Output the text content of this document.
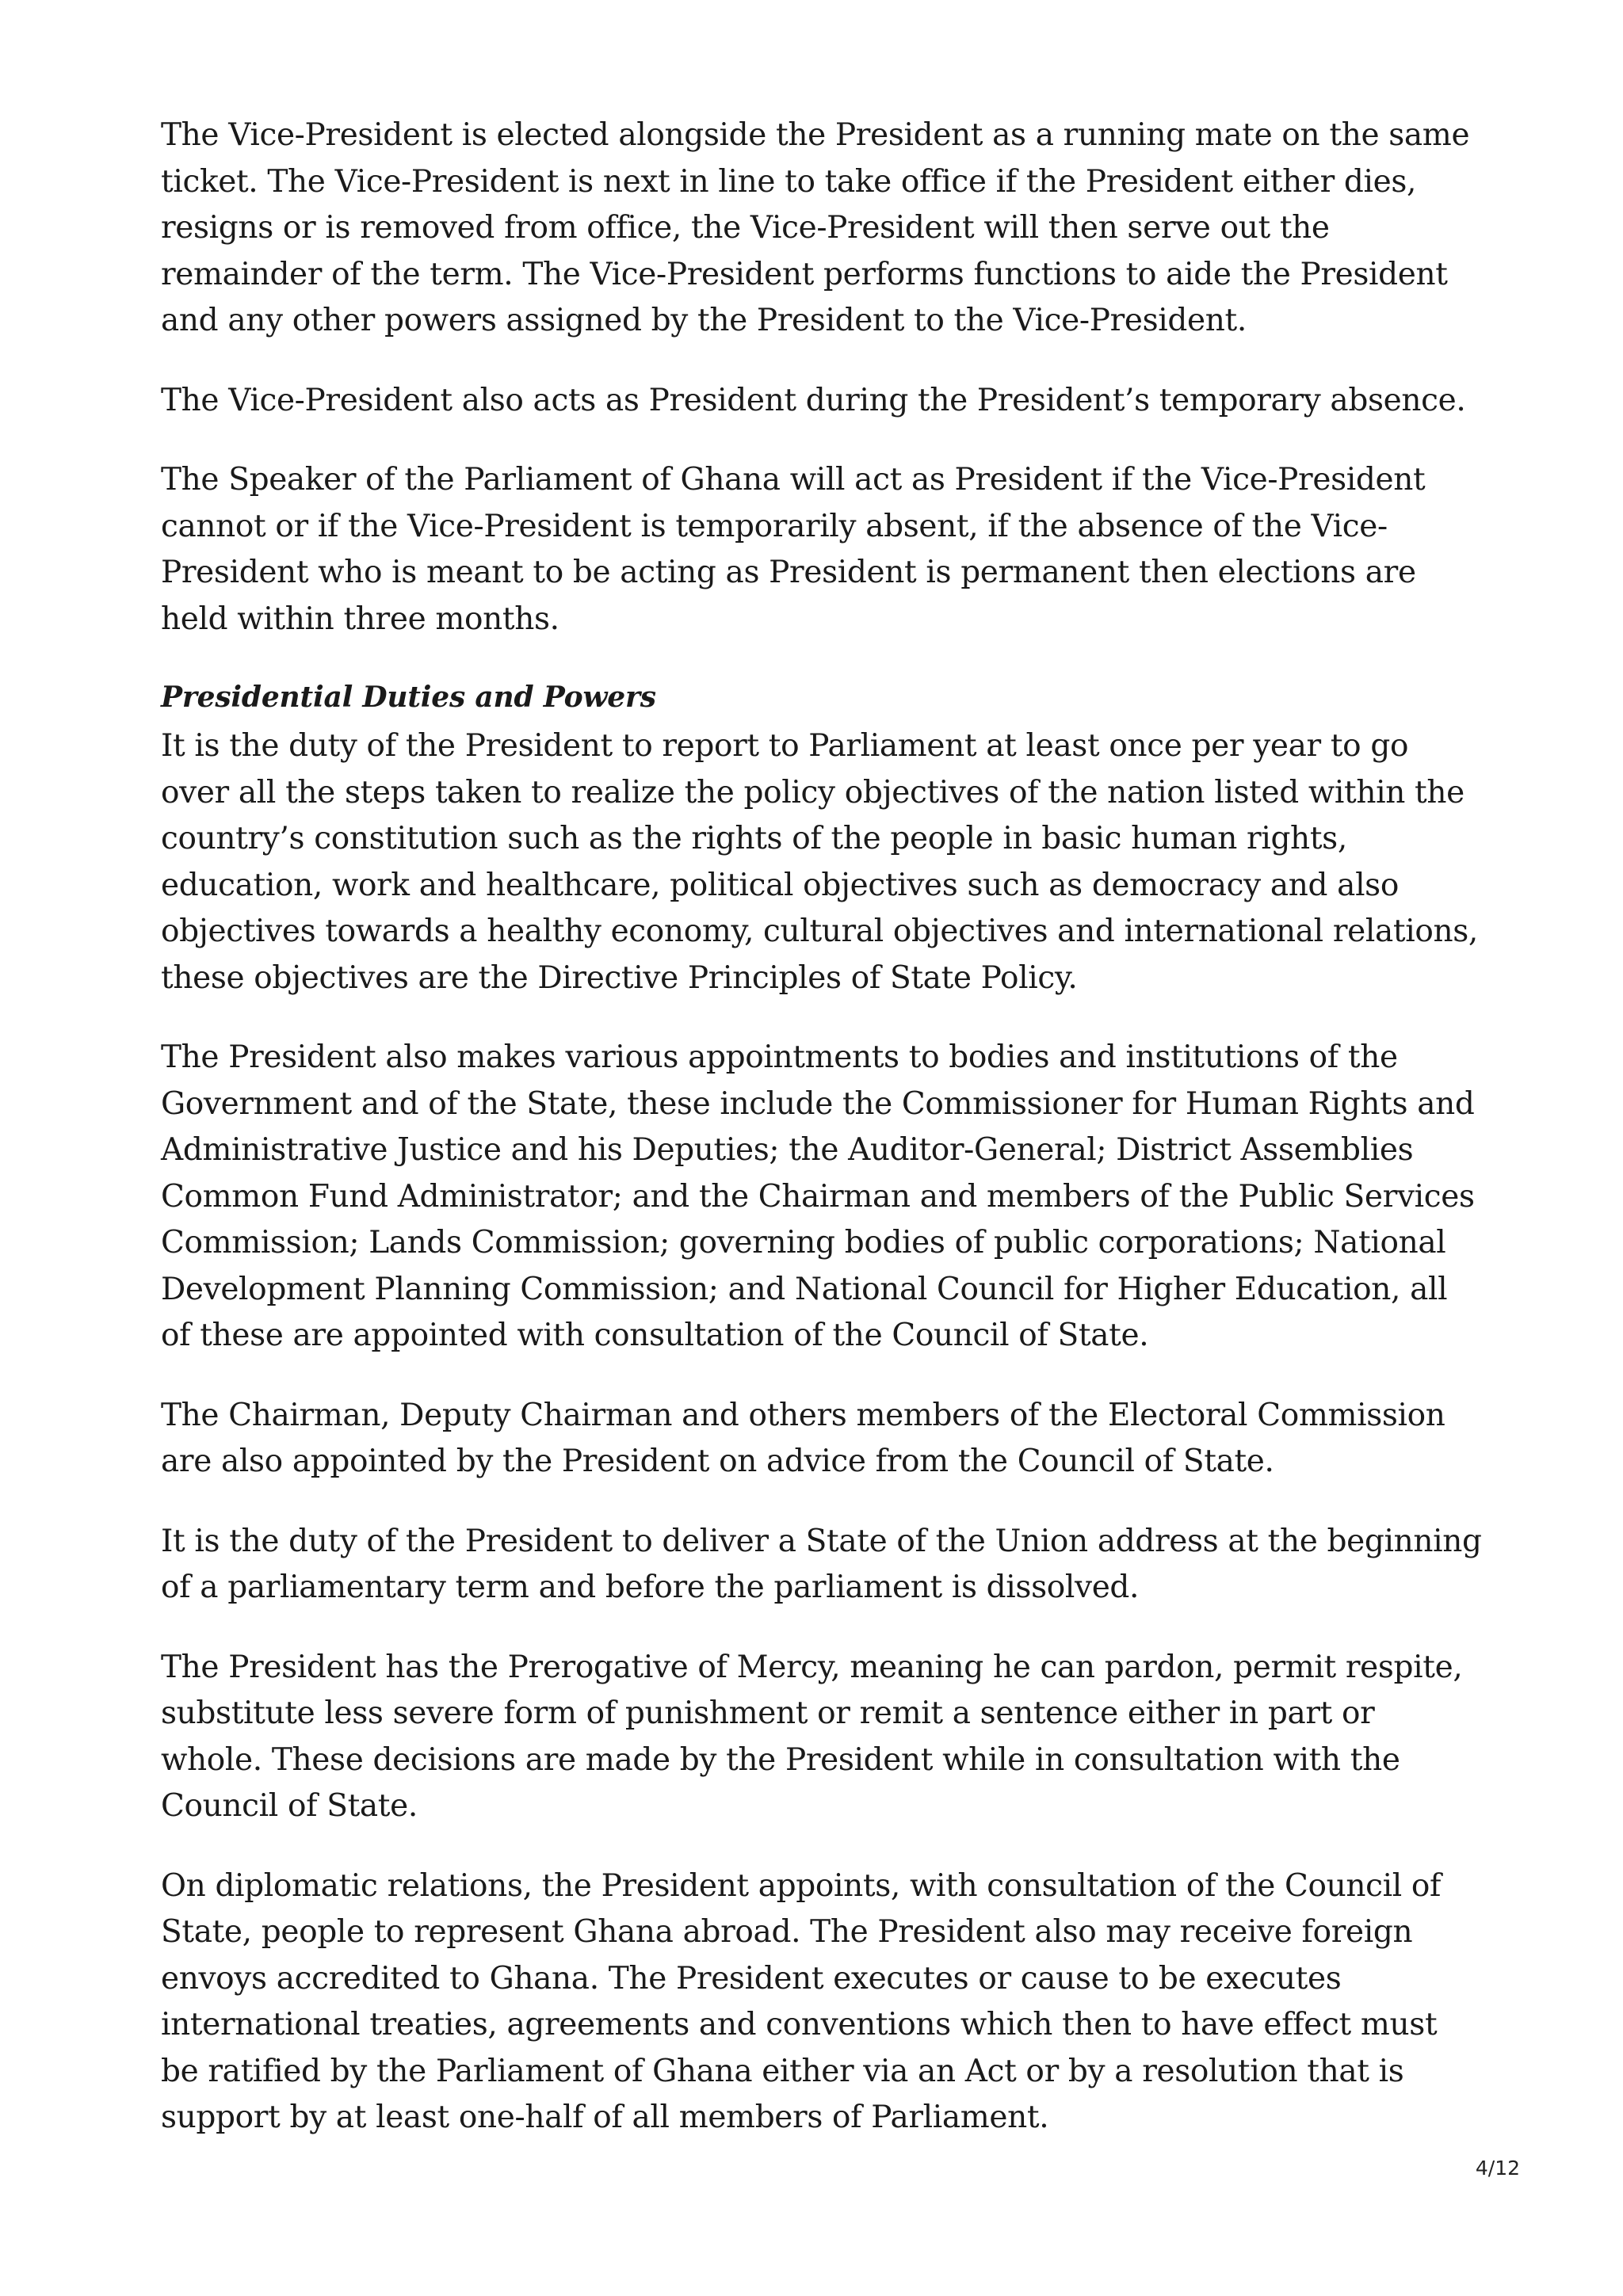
The Vice-President is elected alongside the President as a running mate on the same ticket. The Vice-President is next in line to take office if the President either dies, resigns or is removed from office, the Vice-President will then serve out the remainder of the term. The Vice-President performs functions to aide the President and any other powers assigned by the President to the Vice-President.

The Vice-President also acts as President during the President’s temporary absence.

The Speaker of the Parliament of Ghana will act as President if the Vice-President cannot or if the Vice-President is temporarily absent, if the absence of the Vice-President who is meant to be acting as President is permanent then elections are held within three months.

Presidential Duties and Powers

It is the duty of the President to report to Parliament at least once per year to go over all the steps taken to realize the policy objectives of the nation listed within the country’s constitution such as the rights of the people in basic human rights, education, work and healthcare, political objectives such as democracy and also objectives towards a healthy economy, cultural objectives and international relations, these objectives are the Directive Principles of State Policy.

The President also makes various appointments to bodies and institutions of the Government and of the State, these include the Commissioner for Human Rights and Administrative Justice and his Deputies; the Auditor-General; District Assemblies Common Fund Administrator; and the Chairman and members of the Public Services Commission; Lands Commission; governing bodies of public corporations; National Development Planning Commission; and National Council for Higher Education, all of these are appointed with consultation of the Council of State.

The Chairman, Deputy Chairman and others members of the Electoral Commission are also appointed by the President on advice from the Council of State.

It is the duty of the President to deliver a State of the Union address at the beginning of a parliamentary term and before the parliament is dissolved.

The President has the Prerogative of Mercy, meaning he can pardon, permit respite, substitute less severe form of punishment or remit a sentence either in part or whole. These decisions are made by the President while in consultation with the Council of State.

On diplomatic relations, the President appoints, with consultation of the Council of State, people to represent Ghana abroad. The President also may receive foreign envoys accredited to Ghana. The President executes or cause to be executes international treaties, agreements and conventions which then to have effect must be ratified by the Parliament of Ghana either via an Act or by a resolution that is support by at least one-half of all members of Parliament.

4/12
